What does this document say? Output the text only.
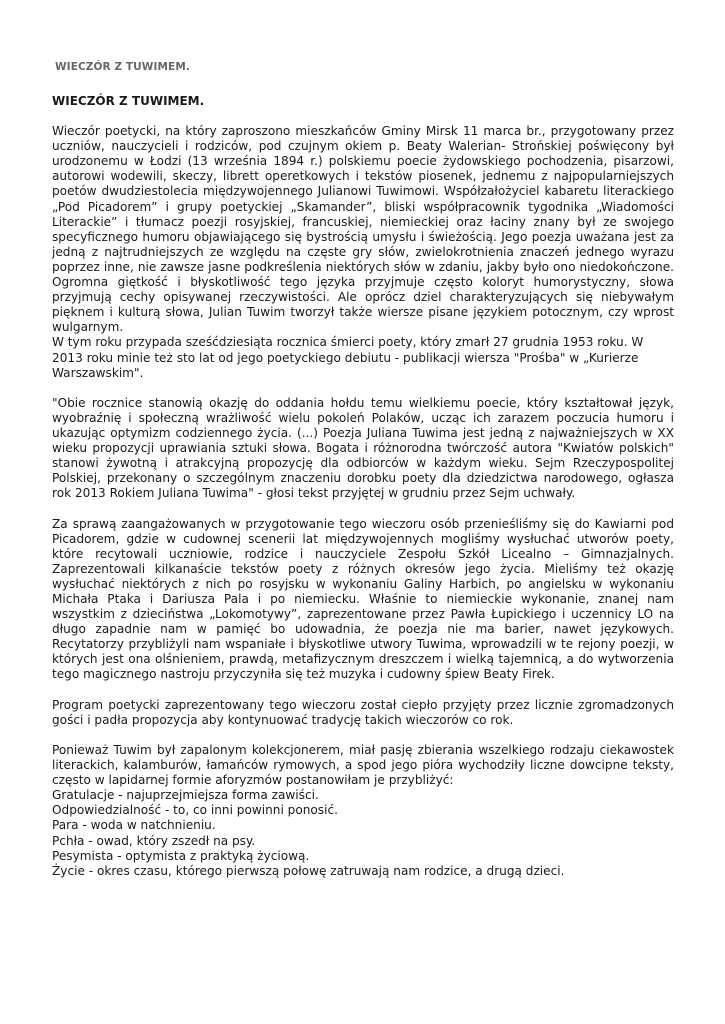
WIECZÓR Z TUWIMEM.
WIECZÓR Z TUWIMEM.

Wieczór poetycki, na który zaproszono mieszkańców Gminy Mirsk 11 marca br., przygotowany przez uczniów, nauczycieli i rodziców, pod czujnym okiem p. Beaty Walerian- Strońskiej poświęcony był urodzonemu w Łodzi (13 września 1894 r.) polskiemu poecie żydowskiego pochodzenia, pisarzowi, autorowi wodewili, skeczy, librett operetkowych i tekstów piosenek, jednemu z najpopularniejszych poetów dwudziestolecia międzywojennego Julianowi Tuwimowi. Współzałożyciel kabaretu literackiego „Pod Picadorem” i grupy poetyckiej „Skamander”, bliski współpracownik tygodnika „Wiadomości Literackie” i tłumacz poezji rosyjskiej, francuskiej, niemieckiej oraz łaciny znany był ze swojego specyficznego humoru objawiającego się bystrością umysłu i świeżością. Jego poezja uważana jest za jedną z najtrudniejszych ze względu na częste gry słów, zwielokrotnienia znaczeń jednego wyrazu poprzez inne, nie zawsze jasne podkreślenia niektórych słów w zdaniu, jakby było ono niedokończone. Ogromna giętkość i błyskotliwość tego języka przyjmuje często koloryt humorystyczny, słowa przyjmują cechy opisywanej rzeczywistości. Ale oprócz dziel charakteryzujących się niebywałym pięknem i kulturą słowa, Julian Tuwim tworzył także wiersze pisane językiem potocznym, czy wprost wulgarnym.

W tym roku przypada sześćdziesiąta rocznica śmierci poety, który zmarł 27 grudnia 1953 roku. W 2013 roku minie też sto lat od jego poetyckiego debiutu - publikacji wiersza "Prośba" w „Kurierze Warszawskim".

"Obie rocznice stanowią okazję do oddania hołdu temu wielkiemu poecie, który kształtował język, wyobraźnię i społeczną wrażliwość wielu pokoleń Polaków, ucząc ich zarazem poczucia humoru i ukazując optymizm codziennego życia. (...) Poezja Juliana Tuwima jest jedną z najważniejszych w XX wieku propozycji uprawiania sztuki słowa. Bogata i różnorodna twórczość autora "Kwiatów polskich" stanowi żywotną i atrakcyjną propozycję dla odbiorców w każdym wieku. Sejm Rzeczypospolitej Polskiej, przekonany o szczególnym znaczeniu dorobku poety dla dziedzictwa narodowego, ogłasza rok 2013 Rokiem Juliana Tuwima" - głosi tekst przyjętej w grudniu przez Sejm uchwały.

Za sprawą zaangażowanych w przygotowanie tego wieczoru osób przenieśliśmy się do Kawiarni pod Picadorem, gdzie w cudownej scenerii lat międzywojennych mogliśmy wysłuchać utworów poety, które recytowali uczniowie, rodzice i nauczyciele Zespołu Szkół Licealno – Gimnazjalnych. Zaprezentowali kilkanaście tekstów poety z różnych okresów jego życia. Mieliśmy też okazję wysłuchać niektórych z nich po rosyjsku w wykonaniu Galiny Harbich, po angielsku w wykonaniu Michała Ptaka i Dariusza Pala i po niemiecku. Właśnie to niemieckie wykonanie, znanej nam wszystkim z dzieciństwa „Lokomotywy”, zaprezentowane przez Pawła Łupickiego i uczennicy LO na długo zapadnie nam w pamięć bo udowadnia, że poezja nie ma barier, nawet językowych. Recytatorzy przybliżyli nam wspaniałe i błyskotliwe utwory Tuwima, wprowadzili w te rejony poezji, w których jest ona olśnieniem, prawdą, metafizycznym dreszczem i wielką tajemnicą, a do wytworzenia tego magicznego nastroju przyczyniła się też muzyka i cudowny śpiew Beaty Firek.

Program poetycki zaprezentowany tego wieczoru został ciepło przyjęty przez licznie zgromadzonych gości i padła propozycja aby kontynuować tradycję takich wieczorów co rok.

Ponieważ Tuwim był zapalonym kolekcjonerem, miał pasję zbierania wszelkiego rodzaju ciekawostek literackich, kalamburów, łamańców rymowych, a spod jego pióra wychodziły liczne dowcipne teksty, często w lapidarnej formie aforyzmów postanowiłam je przybliżyć:

Gratulacje - najuprzejmiejsza forma zawiści.
Odpowiedzialność - to, co inni powinni ponosić.
Para - woda w natchnieniu.
Pchła - owad, który zszedł na psy.
Pesymista - optymista z praktyką życiową.
Życie - okres czasu, którego pierwszą połowę zatruwają nam rodzice, a drugą dzieci.
